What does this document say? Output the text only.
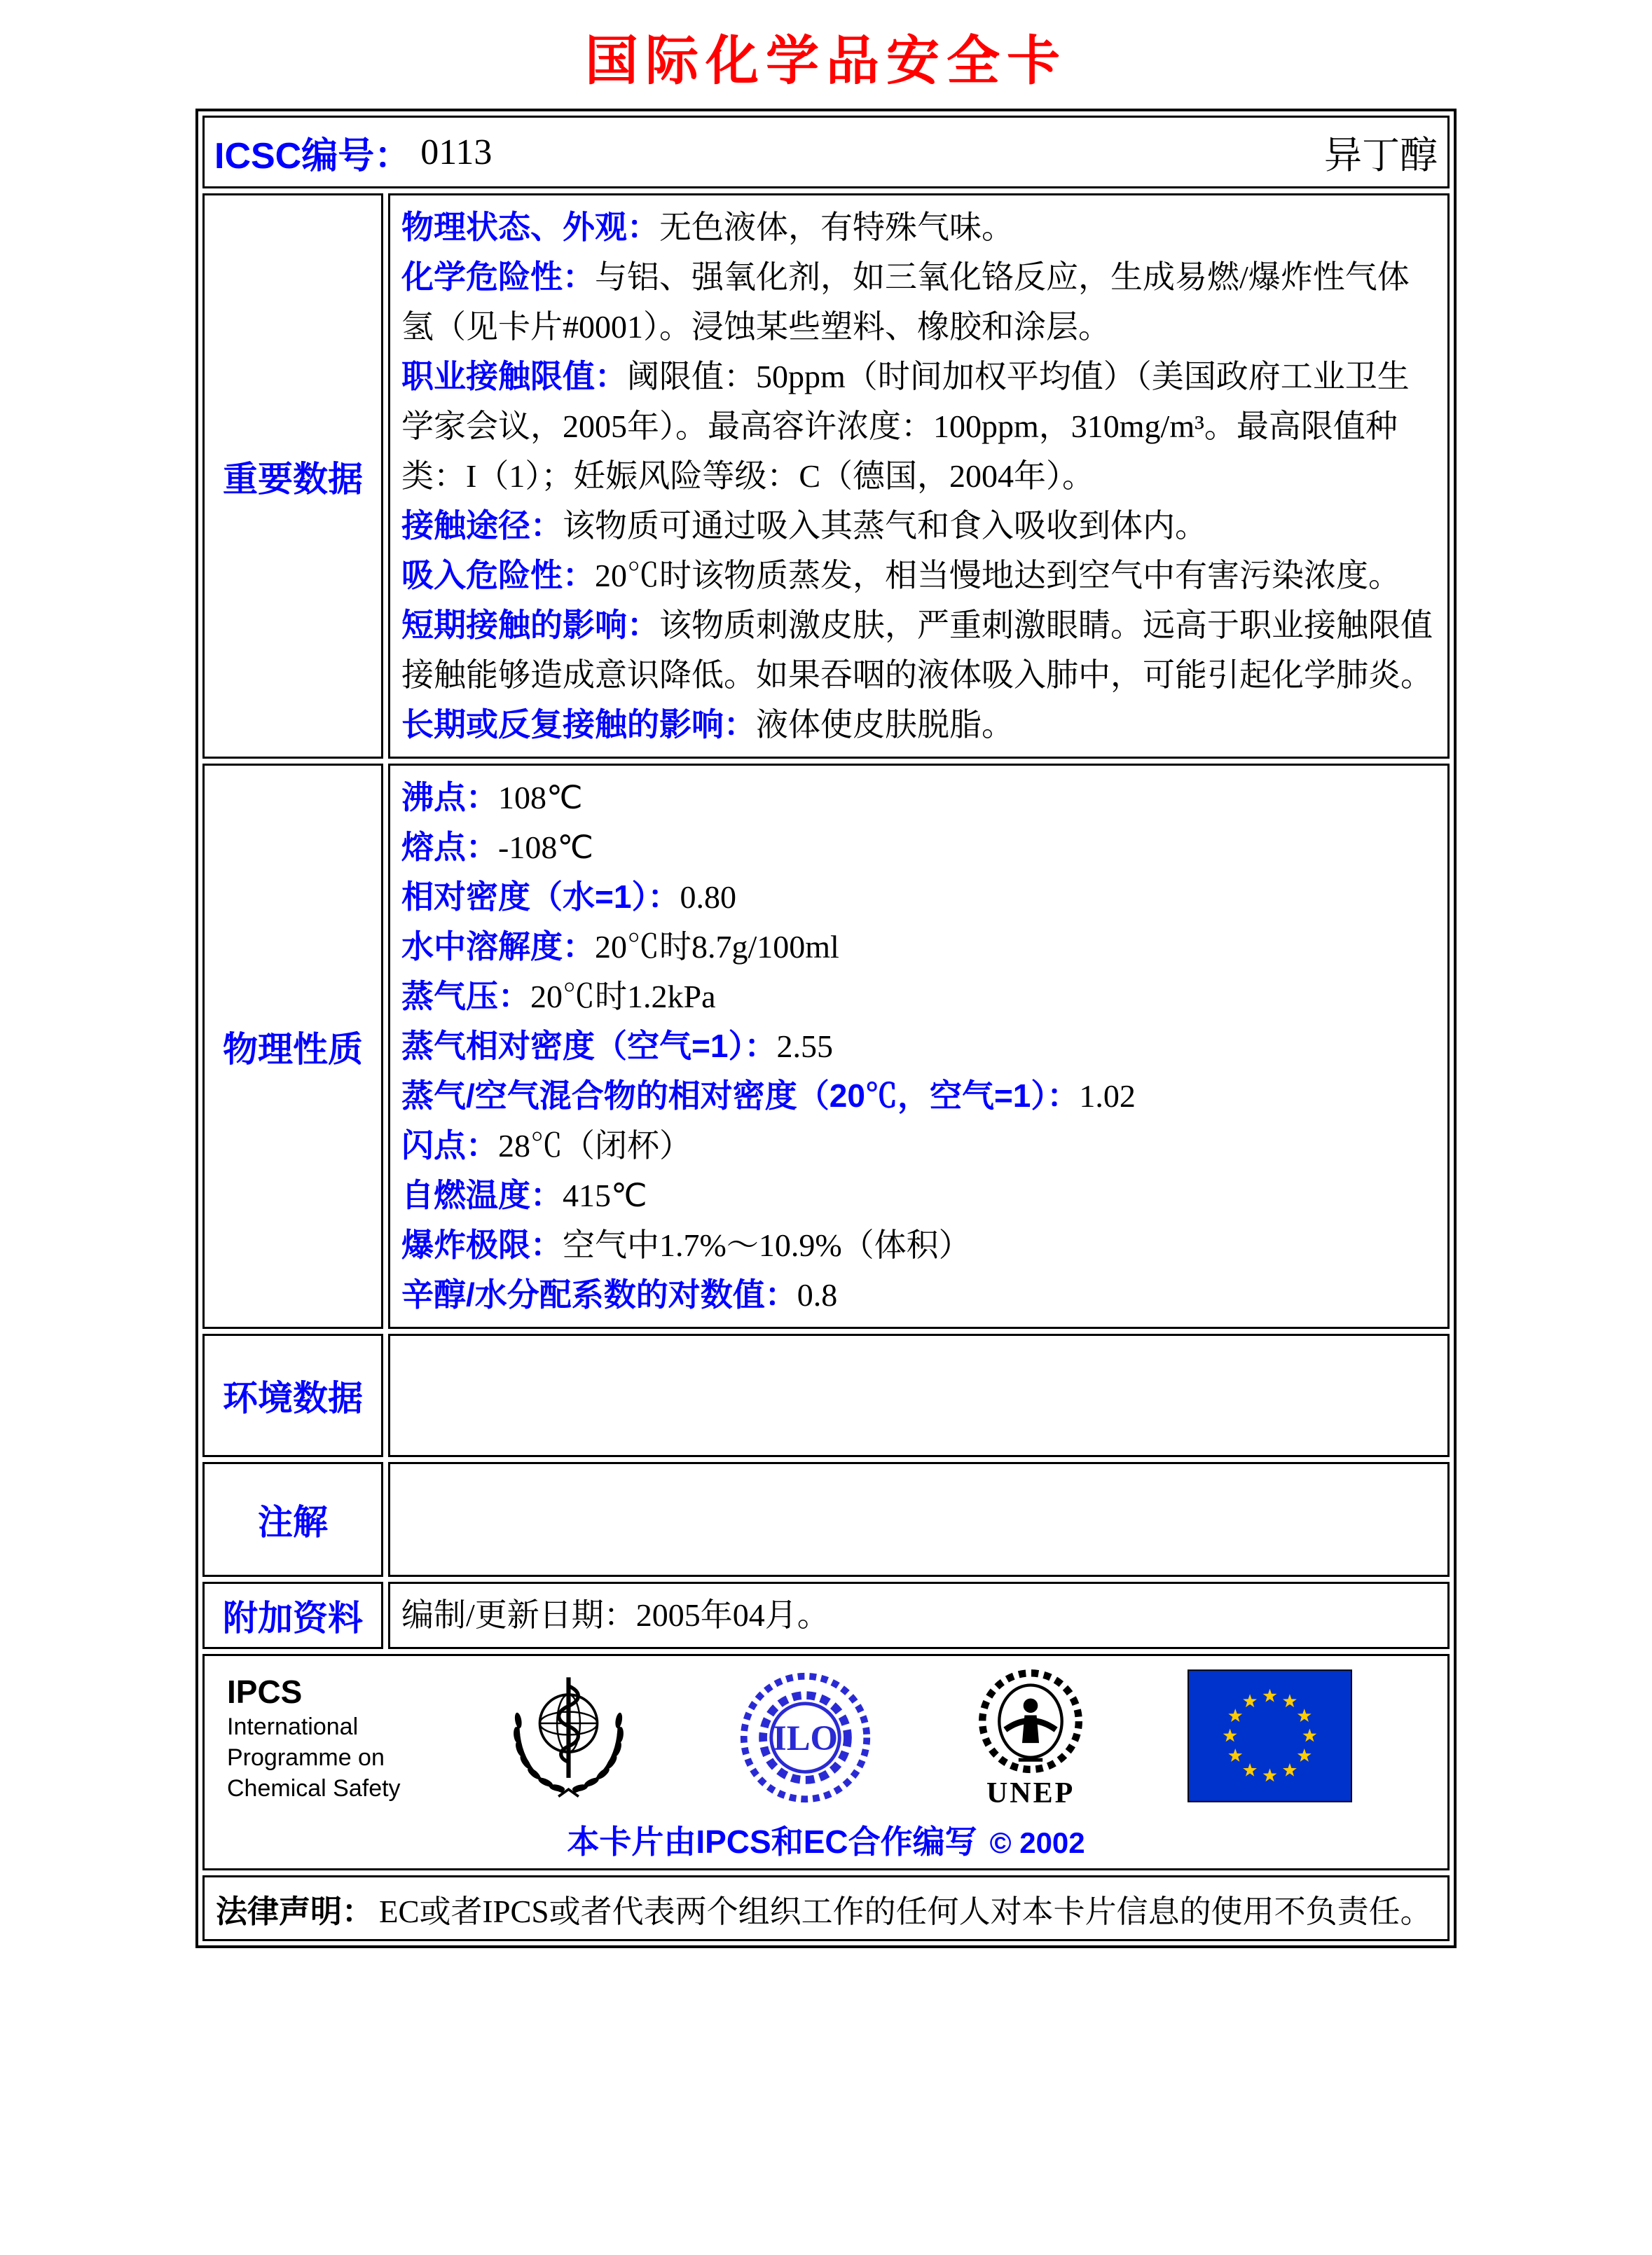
国际化学品安全卡
ICSC编号： 0113	异丁醇
重要数据

物理状态、外观：无色液体，有特殊气味。

化学危险性：与铝、强氧化剂，如三氧化铬反应，生成易燃/爆炸性气体氢（见卡片#0001）。浸蚀某些塑料、橡胶和涂层。

职业接触限值：阈限值：50ppm（时间加权平均值）（美国政府工业卫生学家会议，2005年）。最高容许浓度：100ppm，310mg/m³。最高限值种类：I（1）；妊娠风险等级：C（德国，2004年）。

接触途径：该物质可通过吸入其蒸气和食入吸收到体内。

吸入危险性：20℃时该物质蒸发，相当慢地达到空气中有害污染浓度。

短期接触的影响：该物质刺激皮肤，严重刺激眼睛。远高于职业接触限值接触能够造成意识降低。如果吞咽的液体吸入肺中，可能引起化学肺炎。

长期或反复接触的影响：液体使皮肤脱脂。

物理性质

沸点：108℃

熔点：-108℃

相对密度（水=1）：0.80

水中溶解度：20℃时8.7g/100ml

蒸气压：20℃时1.2kPa

蒸气相对密度（空气=1）：2.55

蒸气/空气混合物的相对密度（20℃，空气=1）：1.02

闪点：28℃（闭杯）

自燃温度：415℃

爆炸极限：空气中1.7%～10.9%（体积）

辛醇/水分配系数的对数值：0.8

环境数据
注解
附加资料	编制/更新日期：2005年04月。
IPCS
International
Programme on
Chemical Safety
ILO
UNEP
本卡片由IPCS和EC合作编写 © 2002
法律声明： EC或者IPCS或者代表两个组织工作的任何人对本卡片信息的使用不负责任。
